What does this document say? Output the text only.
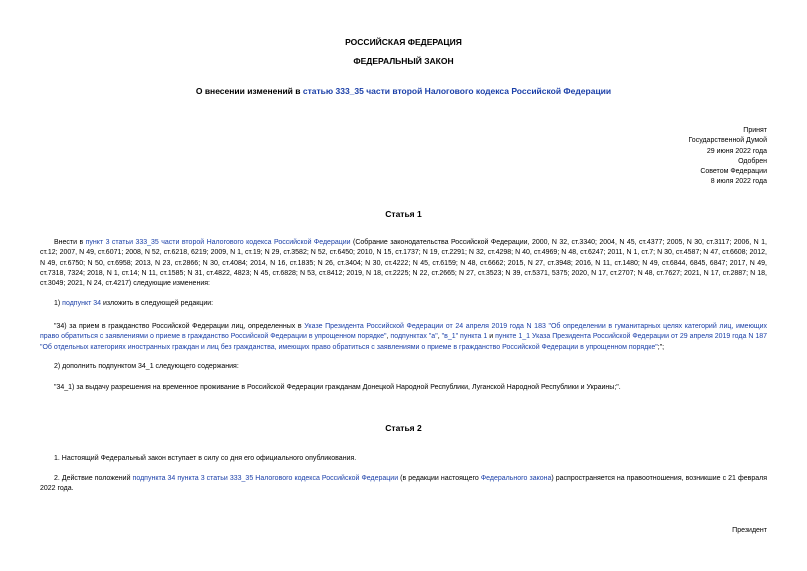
РОССИЙСКАЯ ФЕДЕРАЦИЯ
ФЕДЕРАЛЬНЫЙ ЗАКОН
О внесении изменений в статью 333_35 части второй Налогового кодекса Российской Федерации
Принят
Государственной Думой
29 июня 2022 года
Одобрен
Советом Федерации
8 июля 2022 года
Статья 1
Внести в пункт 3 статьи 333_35 части второй Налогового кодекса Российской Федерации (Собрание законодательства Российской Федерации, 2000, N 32, ст.3340; 2004, N 45, ст.4377; 2005, N 30, ст.3117; 2006, N 1, ст.12; 2007, N 49, ст.6071; 2008, N 52, ст.6218, 6219; 2009, N 1, ст.19; N 29, ст.3582; N 52, ст.6450; 2010, N 15, ст.1737; N 19, ст.2291; N 32, ст.4298; N 40, ст.4969; N 48, ст.6247; 2011, N 1, ст.7; N 30, ст.4587; N 47, ст.6608; 2012, N 49, ст.6750; N 50, ст.6958; 2013, N 23, ст.2866; N 30, ст.4084; 2014, N 16, ст.1835; N 26, ст.3404; N 30, ст.4222; N 45, ст.6159; N 48, ст.6662; 2015, N 27, ст.3948; 2016, N 11, ст.1480; N 49, ст.6844, 6845, 6847; 2017, N 49, ст.7318, 7324; 2018, N 1, ст.14; N 11, ст.1585; N 31, ст.4822, 4823; N 45, ст.6828; N 53, ст.8412; 2019, N 18, ст.2225; N 22, ст.2665; N 27, ст.3523; N 39, ст.5371, 5375; 2020, N 17, ст.2707; N 48, ст.7627; 2021, N 17, ст.2887; N 18, ст.3049; 2021, N 24, ст.4217) следующие изменения:
1) подпункт 34 изложить в следующей редакции:
"34) за прием в гражданство Российской Федерации лиц, определенных в Указе Президента Российской Федерации от 24 апреля 2019 года N 183 "Об определении в гуманитарных целях категорий лиц, имеющих право обратиться с заявлениями о приеме в гражданство Российской Федерации в упрощенном порядке", подпунктах "а", "в_1" пункта 1 и пункте 1_1 Указа Президента Российской Федерации от 29 апреля 2019 года N 187 "Об отдельных категориях иностранных граждан и лиц без гражданства, имеющих право обратиться с заявлениями о приеме в гражданство Российской Федерации в упрощенном порядке";";
2) дополнить подпунктом 34_1 следующего содержания:
"34_1) за выдачу разрешения на временное проживание в Российской Федерации гражданам Донецкой Народной Республики, Луганской Народной Республики и Украины;".
Статья 2
1. Настоящий Федеральный закон вступает в силу со дня его официального опубликования.
2. Действие положений подпункта 34 пункта 3 статьи 333_35 Налогового кодекса Российской Федерации (в редакции настоящего Федерального закона) распространяется на правоотношения, возникшие с 21 февраля 2022 года.
Президент
